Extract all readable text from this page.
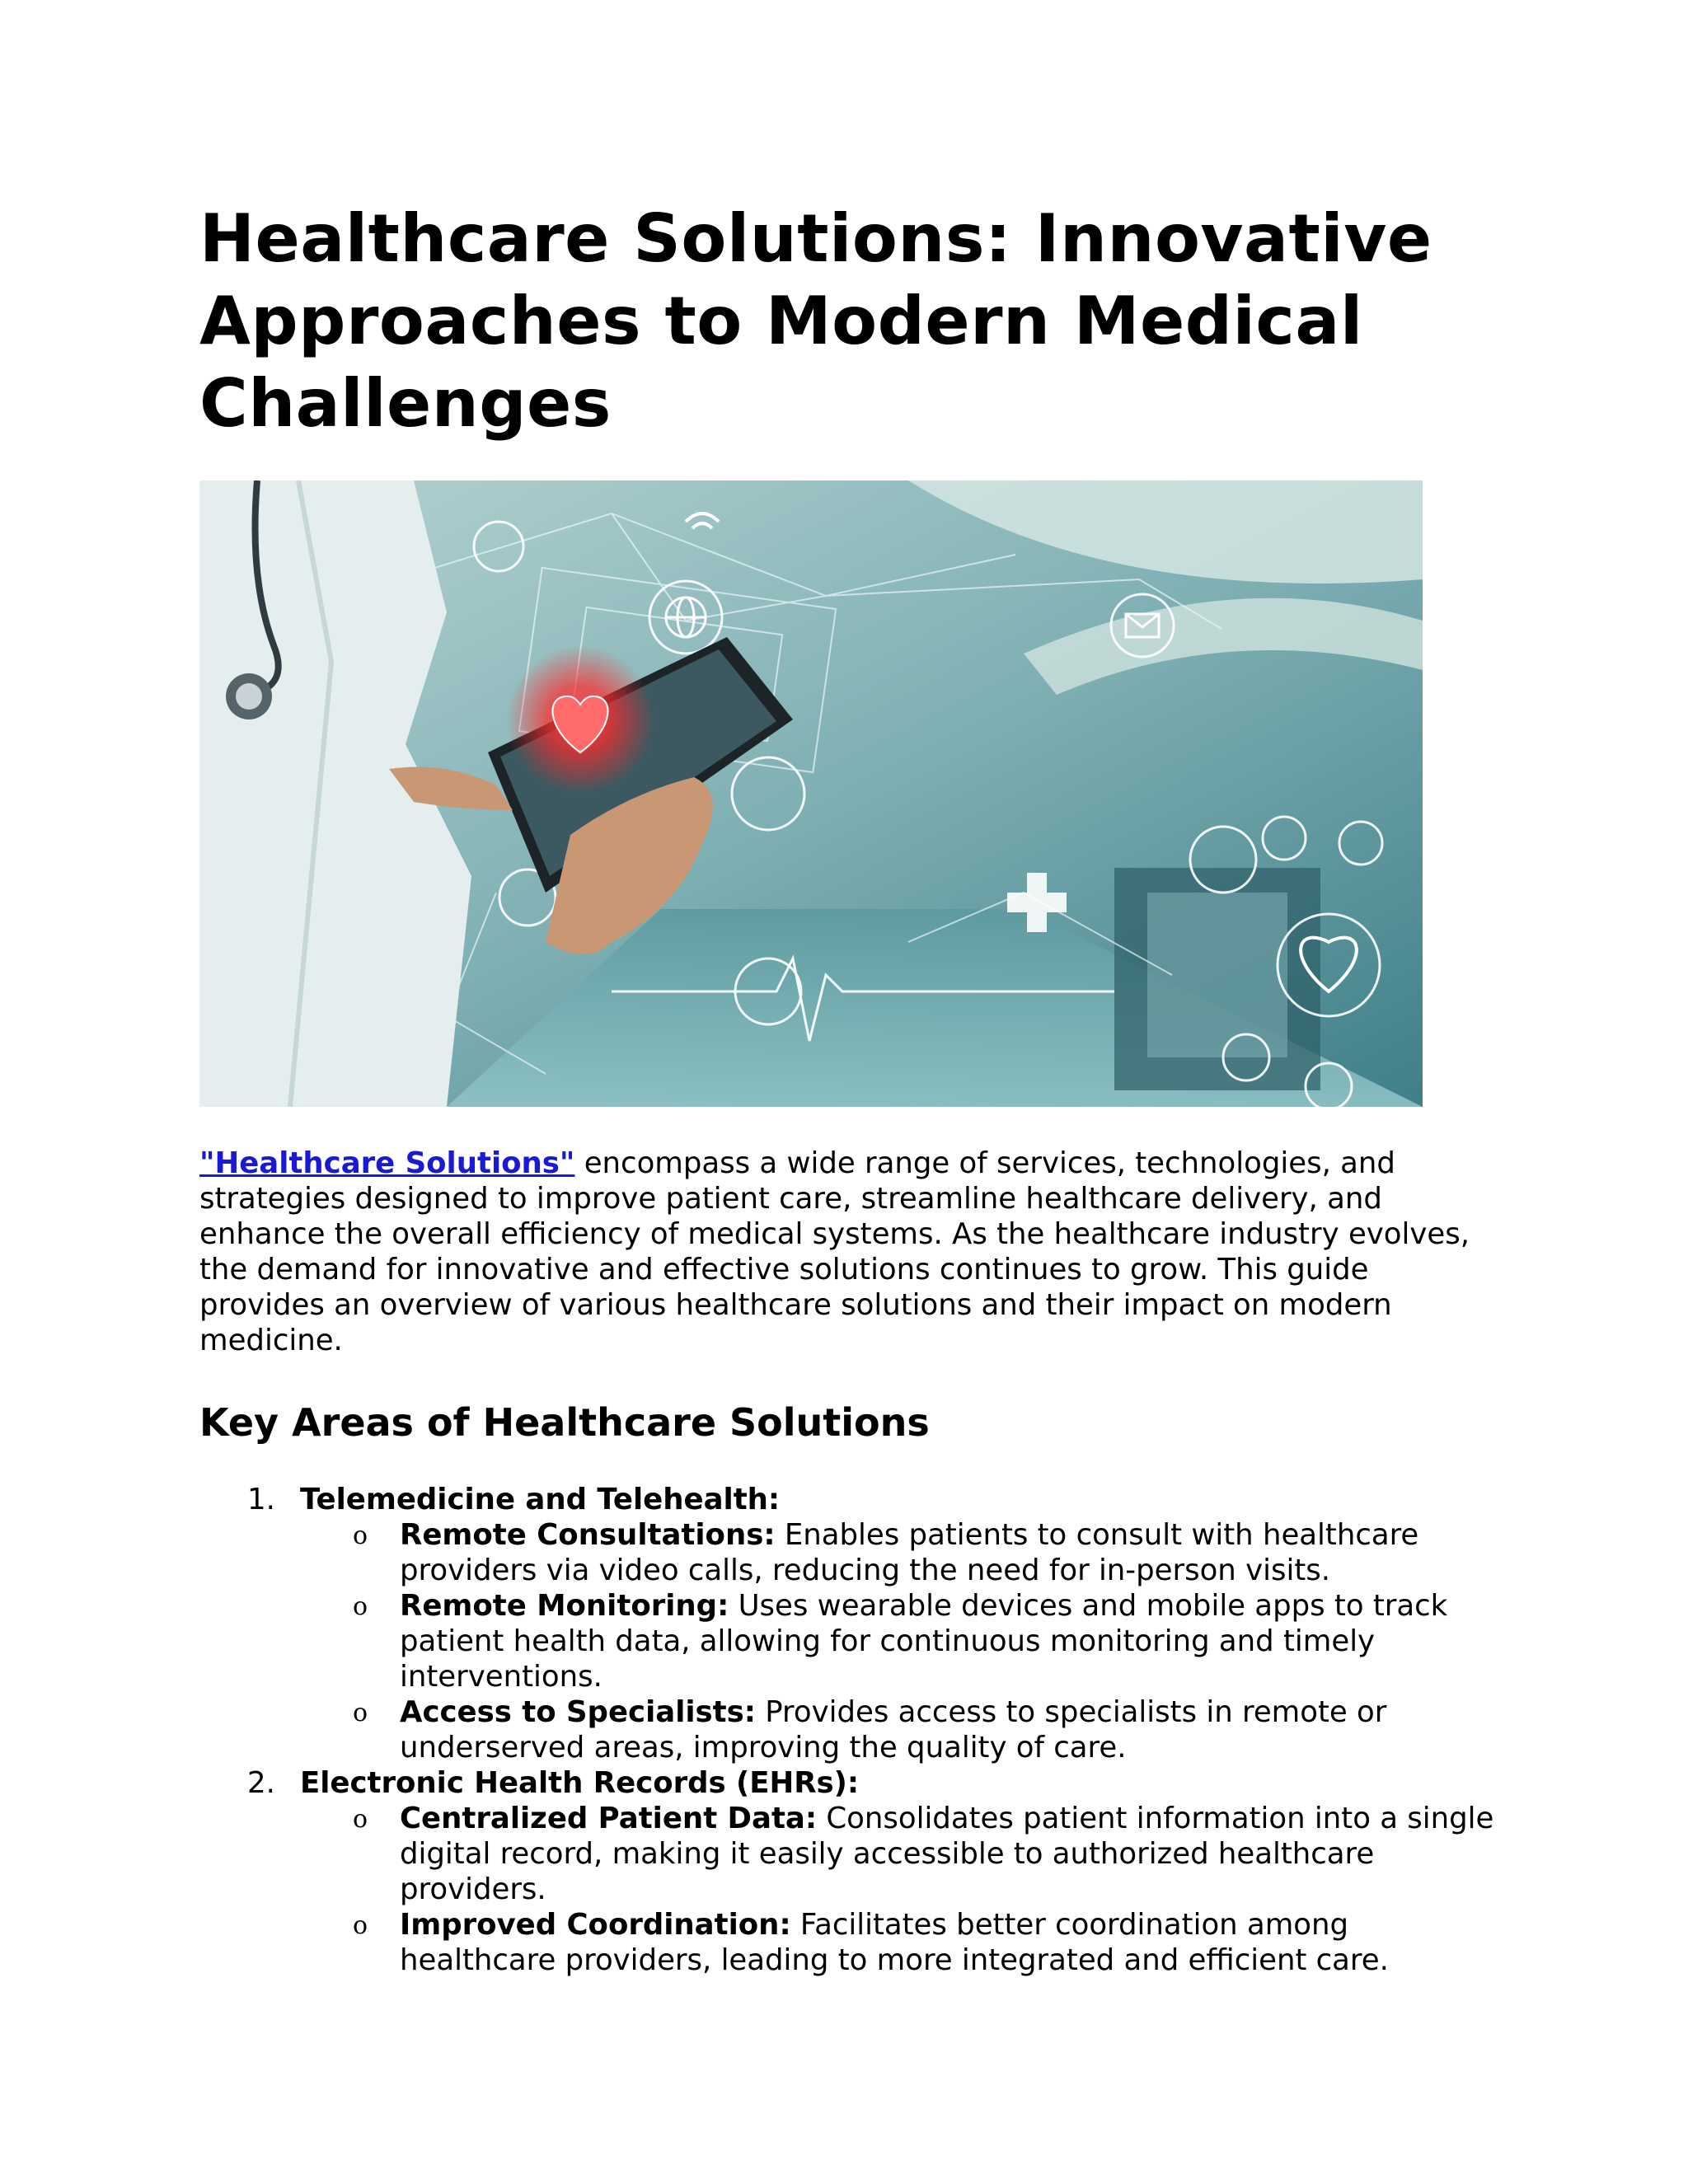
Healthcare Solutions: Innovative Approaches to Modern Medical Challenges

"Healthcare Solutions" encompass a wide range of services, technologies, and strategies designed to improve patient care, streamline healthcare delivery, and enhance the overall efficiency of medical systems. As the healthcare industry evolves, the demand for innovative and effective solutions continues to grow. This guide provides an overview of various healthcare solutions and their impact on modern medicine.

Key Areas of Healthcare Solutions
1. Telemedicine and Telehealth:
o Remote Consultations: Enables patients to consult with healthcare providers via video calls, reducing the need for in-person visits.
o Remote Monitoring: Uses wearable devices and mobile apps to track patient health data, allowing for continuous monitoring and timely interventions.
o Access to Specialists: Provides access to specialists in remote or underserved areas, improving the quality of care.
2. Electronic Health Records (EHRs):
o Centralized Patient Data: Consolidates patient information into a single digital record, making it easily accessible to authorized healthcare providers.
o Improved Coordination: Facilitates better coordination among healthcare providers, leading to more integrated and efficient care.
